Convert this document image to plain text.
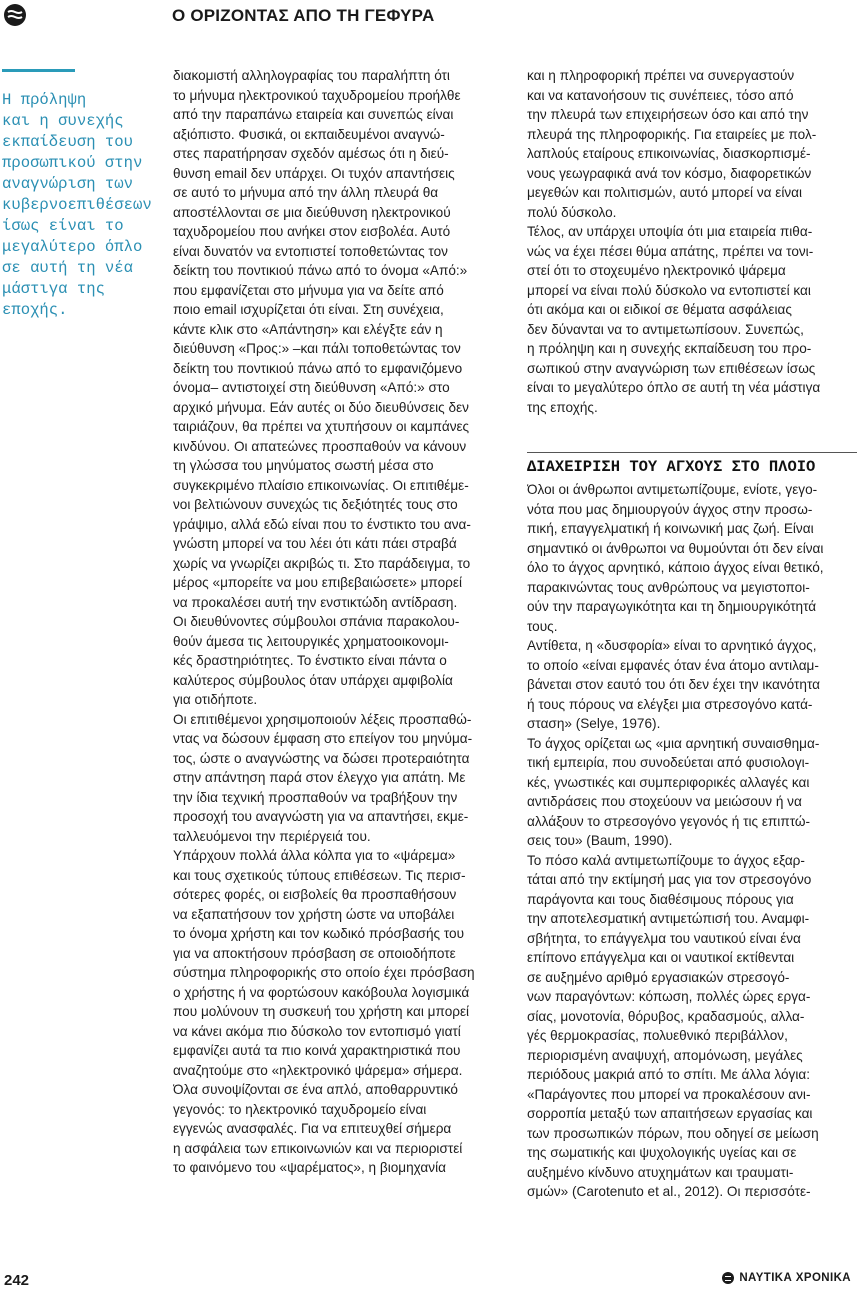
Ο ΟΡΙΖΟΝΤΑΣ ΑΠΟ ΤΗ ΓΕΦΥΡΑ
Η πρόληψη
και η συνεχής
εκπαίδευση του
προσωπικού στην
αναγνώριση των
κυβερνοεπιθέσεων
ίσως είναι το
μεγαλύτερο όπλο
σε αυτή τη νέα
μάστιγα της
εποχής.
διακομιστή αλληλογραφίας του παραλήπτη ότι
το μήνυμα ηλεκτρονικού ταχυδρομείου προήλθε
από την παραπάνω εταιρεία και συνεπώς είναι
αξιόπιστο. Φυσικά, οι εκπαιδευμένοι αναγνώ-
στες παρατήρησαν σχεδόν αμέσως ότι η διεύ-
θυνση email δεν υπάρχει. Οι τυχόν απαντήσεις
σε αυτό το μήνυμα από την άλλη πλευρά θα
αποστέλλονται σε μια διεύθυνση ηλεκτρονικού
ταχυδρομείου που ανήκει στον εισβολέα. Αυτό
είναι δυνατόν να εντοπιστεί τοποθετώντας τον
δείκτη του ποντικιού πάνω από το όνομα «Από:»
που εμφανίζεται στο μήνυμα για να δείτε από
ποιο email ισχυρίζεται ότι είναι. Στη συνέχεια,
κάντε κλικ στο «Απάντηση» και ελέγξτε εάν η
διεύθυνση «Προς:» –και πάλι τοποθετώντας τον
δείκτη του ποντικιού πάνω από το εμφανιζόμενο
όνομα– αντιστοιχεί στη διεύθυνση «Από:» στο
αρχικό μήνυμα. Εάν αυτές οι δύο διευθύνσεις δεν
ταιριάζουν, θα πρέπει να χτυπήσουν οι καμπάνες
κινδύνου. Οι απατεώνες προσπαθούν να κάνουν
τη γλώσσα του μηνύματος σωστή μέσα στο
συγκεκριμένο πλαίσιο επικοινωνίας. Οι επιτιθέμε-
νοι βελτιώνουν συνεχώς τις δεξιότητές τους στο
γράψιμο, αλλά εδώ είναι που το ένστικτο του ανα-
γνώστη μπορεί να του λέει ότι κάτι πάει στραβά
χωρίς να γνωρίζει ακριβώς τι. Στο παράδειγμα, το
μέρος «μπορείτε να μου επιβεβαιώσετε» μπορεί
να προκαλέσει αυτή την ενστικτώδη αντίδραση.
Οι διευθύνοντες σύμβουλοι σπάνια παρακολου-
θούν άμεσα τις λειτουργικές χρηματοοικονομι-
κές δραστηριότητες. Το ένστικτο είναι πάντα ο
καλύτερος σύμβουλος όταν υπάρχει αμφιβολία
για οτιδήποτε.
Οι επιτιθέμενοι χρησιμοποιούν λέξεις προσπαθώ-
ντας να δώσουν έμφαση στο επείγον του μηνύμα-
τος, ώστε ο αναγνώστης να δώσει προτεραιότητα
στην απάντηση παρά στον έλεγχο για απάτη. Με
την ίδια τεχνική προσπαθούν να τραβήξουν την
προσοχή του αναγνώστη για να απαντήσει, εκμε-
ταλλευόμενοι την περιέργειά του.
Υπάρχουν πολλά άλλα κόλπα για το «ψάρεμα»
και τους σχετικούς τύπους επιθέσεων. Τις περισ-
σότερες φορές, οι εισβολείς θα προσπαθήσουν
να εξαπατήσουν τον χρήστη ώστε να υποβάλει
το όνομα χρήστη και τον κωδικό πρόσβασής του
για να αποκτήσουν πρόσβαση σε οποιοδήποτε
σύστημα πληροφορικής στο οποίο έχει πρόσβαση
ο χρήστης ή να φορτώσουν κακόβουλα λογισμικά
που μολύνουν τη συσκευή του χρήστη και μπορεί
να κάνει ακόμα πιο δύσκολο τον εντοπισμό γιατί
εμφανίζει αυτά τα πιο κοινά χαρακτηριστικά που
αναζητούμε στο «ηλεκτρονικό ψάρεμα» σήμερα.
Όλα συνοψίζονται σε ένα απλό, αποθαρρυντικό
γεγονός: το ηλεκτρονικό ταχυδρομείο είναι
εγγενώς ανασφαλές. Για να επιτευχθεί σήμερα
η ασφάλεια των επικοινωνιών και να περιοριστεί
το φαινόμενο του «ψαρέματος», η βιομηχανία
και η πληροφορική πρέπει να συνεργαστούν
και να κατανοήσουν τις συνέπειες, τόσο από
την πλευρά των επιχειρήσεων όσο και από την
πλευρά της πληροφορικής. Για εταιρείες με πολ-
λαπλούς εταίρους επικοινωνίας, διασκορπισμέ-
νους γεωγραφικά ανά τον κόσμο, διαφορετικών
μεγεθών και πολιτισμών, αυτό μπορεί να είναι
πολύ δύσκολο.
Τέλος, αν υπάρχει υποψία ότι μια εταιρεία πιθα-
νώς να έχει πέσει θύμα απάτης, πρέπει να τονι-
στεί ότι το στοχευμένο ηλεκτρονικό ψάρεμα
μπορεί να είναι πολύ δύσκολο να εντοπιστεί και
ότι ακόμα και οι ειδικοί σε θέματα ασφάλειας
δεν δύνανται να το αντιμετωπίσουν. Συνεπώς,
η πρόληψη και η συνεχής εκπαίδευση του προ-
σωπικού στην αναγνώριση των επιθέσεων ίσως
είναι το μεγαλύτερο όπλο σε αυτή τη νέα μάστιγα
της εποχής.
ΔΙΑΧΕΙΡΙΣΗ ΤΟΥ ΑΓΧΟΥΣ ΣΤΟ ΠΛΟΙΟ
Όλοι οι άνθρωποι αντιμετωπίζουμε, ενίοτε, γεγο-
νότα που μας δημιουργούν άγχος στην προσω-
πική, επαγγελματική ή κοινωνική μας ζωή. Είναι
σημαντικό οι άνθρωποι να θυμούνται ότι δεν είναι
όλο το άγχος αρνητικό, κάποιο άγχος είναι θετικό,
παρακινώντας τους ανθρώπους να μεγιστοποι-
ούν την παραγωγικότητα και τη δημιουργικότητά
τους.
Αντίθετα, η «δυσφορία» είναι το αρνητικό άγχος,
το οποίο «είναι εμφανές όταν ένα άτομο αντιλαμ-
βάνεται στον εαυτό του ότι δεν έχει την ικανότητα
ή τους πόρους να ελέγξει μια στρεσογόνο κατά-
σταση» (Selye, 1976).
Το άγχος ορίζεται ως «μια αρνητική συναισθημα-
τική εμπειρία, που συνοδεύεται από φυσιολογι-
κές, γνωστικές και συμπεριφορικές αλλαγές και
αντιδράσεις που στοχεύουν να μειώσουν ή να
αλλάξουν το στρεσογόνο γεγονός ή τις επιπτώ-
σεις του» (Baum, 1990).
Το πόσο καλά αντιμετωπίζουμε το άγχος εξαρ-
τάται από την εκτίμησή μας για τον στρεσογόνο
παράγοντα και τους διαθέσιμους πόρους για
την αποτελεσματική αντιμετώπισή του. Αναμφι-
σβήτητα, το επάγγελμα του ναυτικού είναι ένα
επίπονο επάγγελμα και οι ναυτικοί εκτίθενται
σε αυξημένο αριθμό εργασιακών στρεσογό-
νων παραγόντων: κόπωση, πολλές ώρες εργα-
σίας, μονοτονία, θόρυβος, κραδασμούς, αλλα-
γές θερμοκρασίας, πολυεθνικό περιβάλλον,
περιορισμένη αναψυχή, απομόνωση, μεγάλες
περιόδους μακριά από το σπίτι. Με άλλα λόγια:
«Παράγοντες που μπορεί να προκαλέσουν ανι-
σορροπία μεταξύ των απαιτήσεων εργασίας και
των προσωπικών πόρων, που οδηγεί σε μείωση
της σωματικής και ψυχολογικής υγείας και σε
αυξημένο κίνδυνο ατυχημάτων και τραυματι-
σμών» (Carotenuto et al., 2012). Οι περισσότε-
242	ΝΑΥΤΙΚΑ ΧΡΟΝΙΚΑ
